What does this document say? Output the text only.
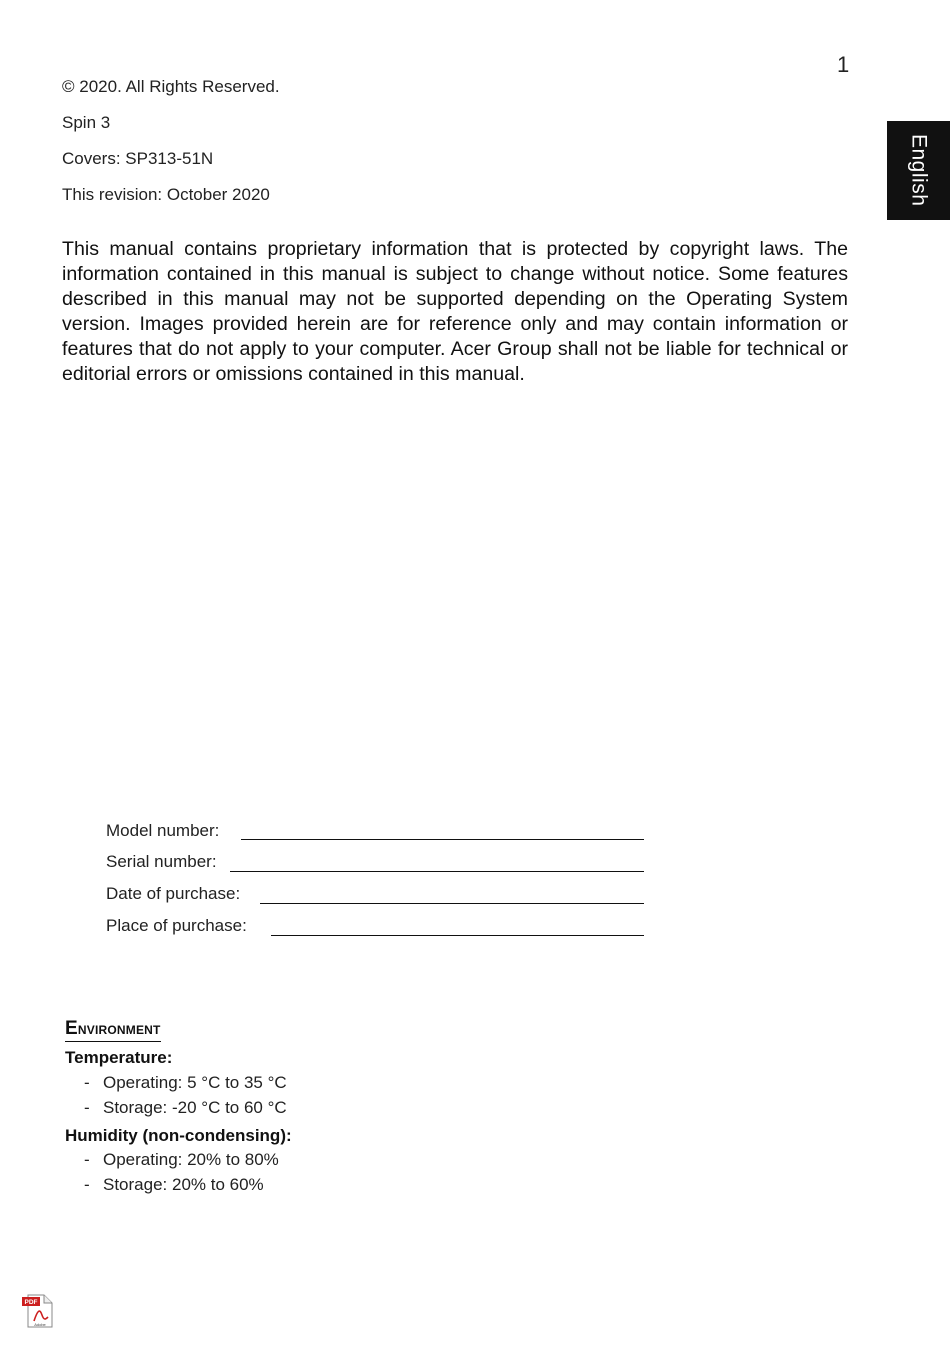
1
English
© 2020. All Rights Reserved.
Spin 3
Covers: SP313-51N
This revision: October 2020
This manual contains proprietary information that is protected by copyright laws. The information contained in this manual is subject to change without notice. Some features described in this manual may not be supported depending on the Operating System version. Images provided herein are for reference only and may contain information or features that do not apply to your computer. Acer Group shall not be liable for technical or editorial errors or omissions contained in this manual.
Model number:
Serial number:
Date of purchase:
Place of purchase:
Environment
Temperature:
- Operating: 5 °C to 35 °C
- Storage: -20 °C to 60 °C
Humidity (non-condensing):
- Operating: 20% to 80%
- Storage: 20% to 60%
PDF
Adobe
